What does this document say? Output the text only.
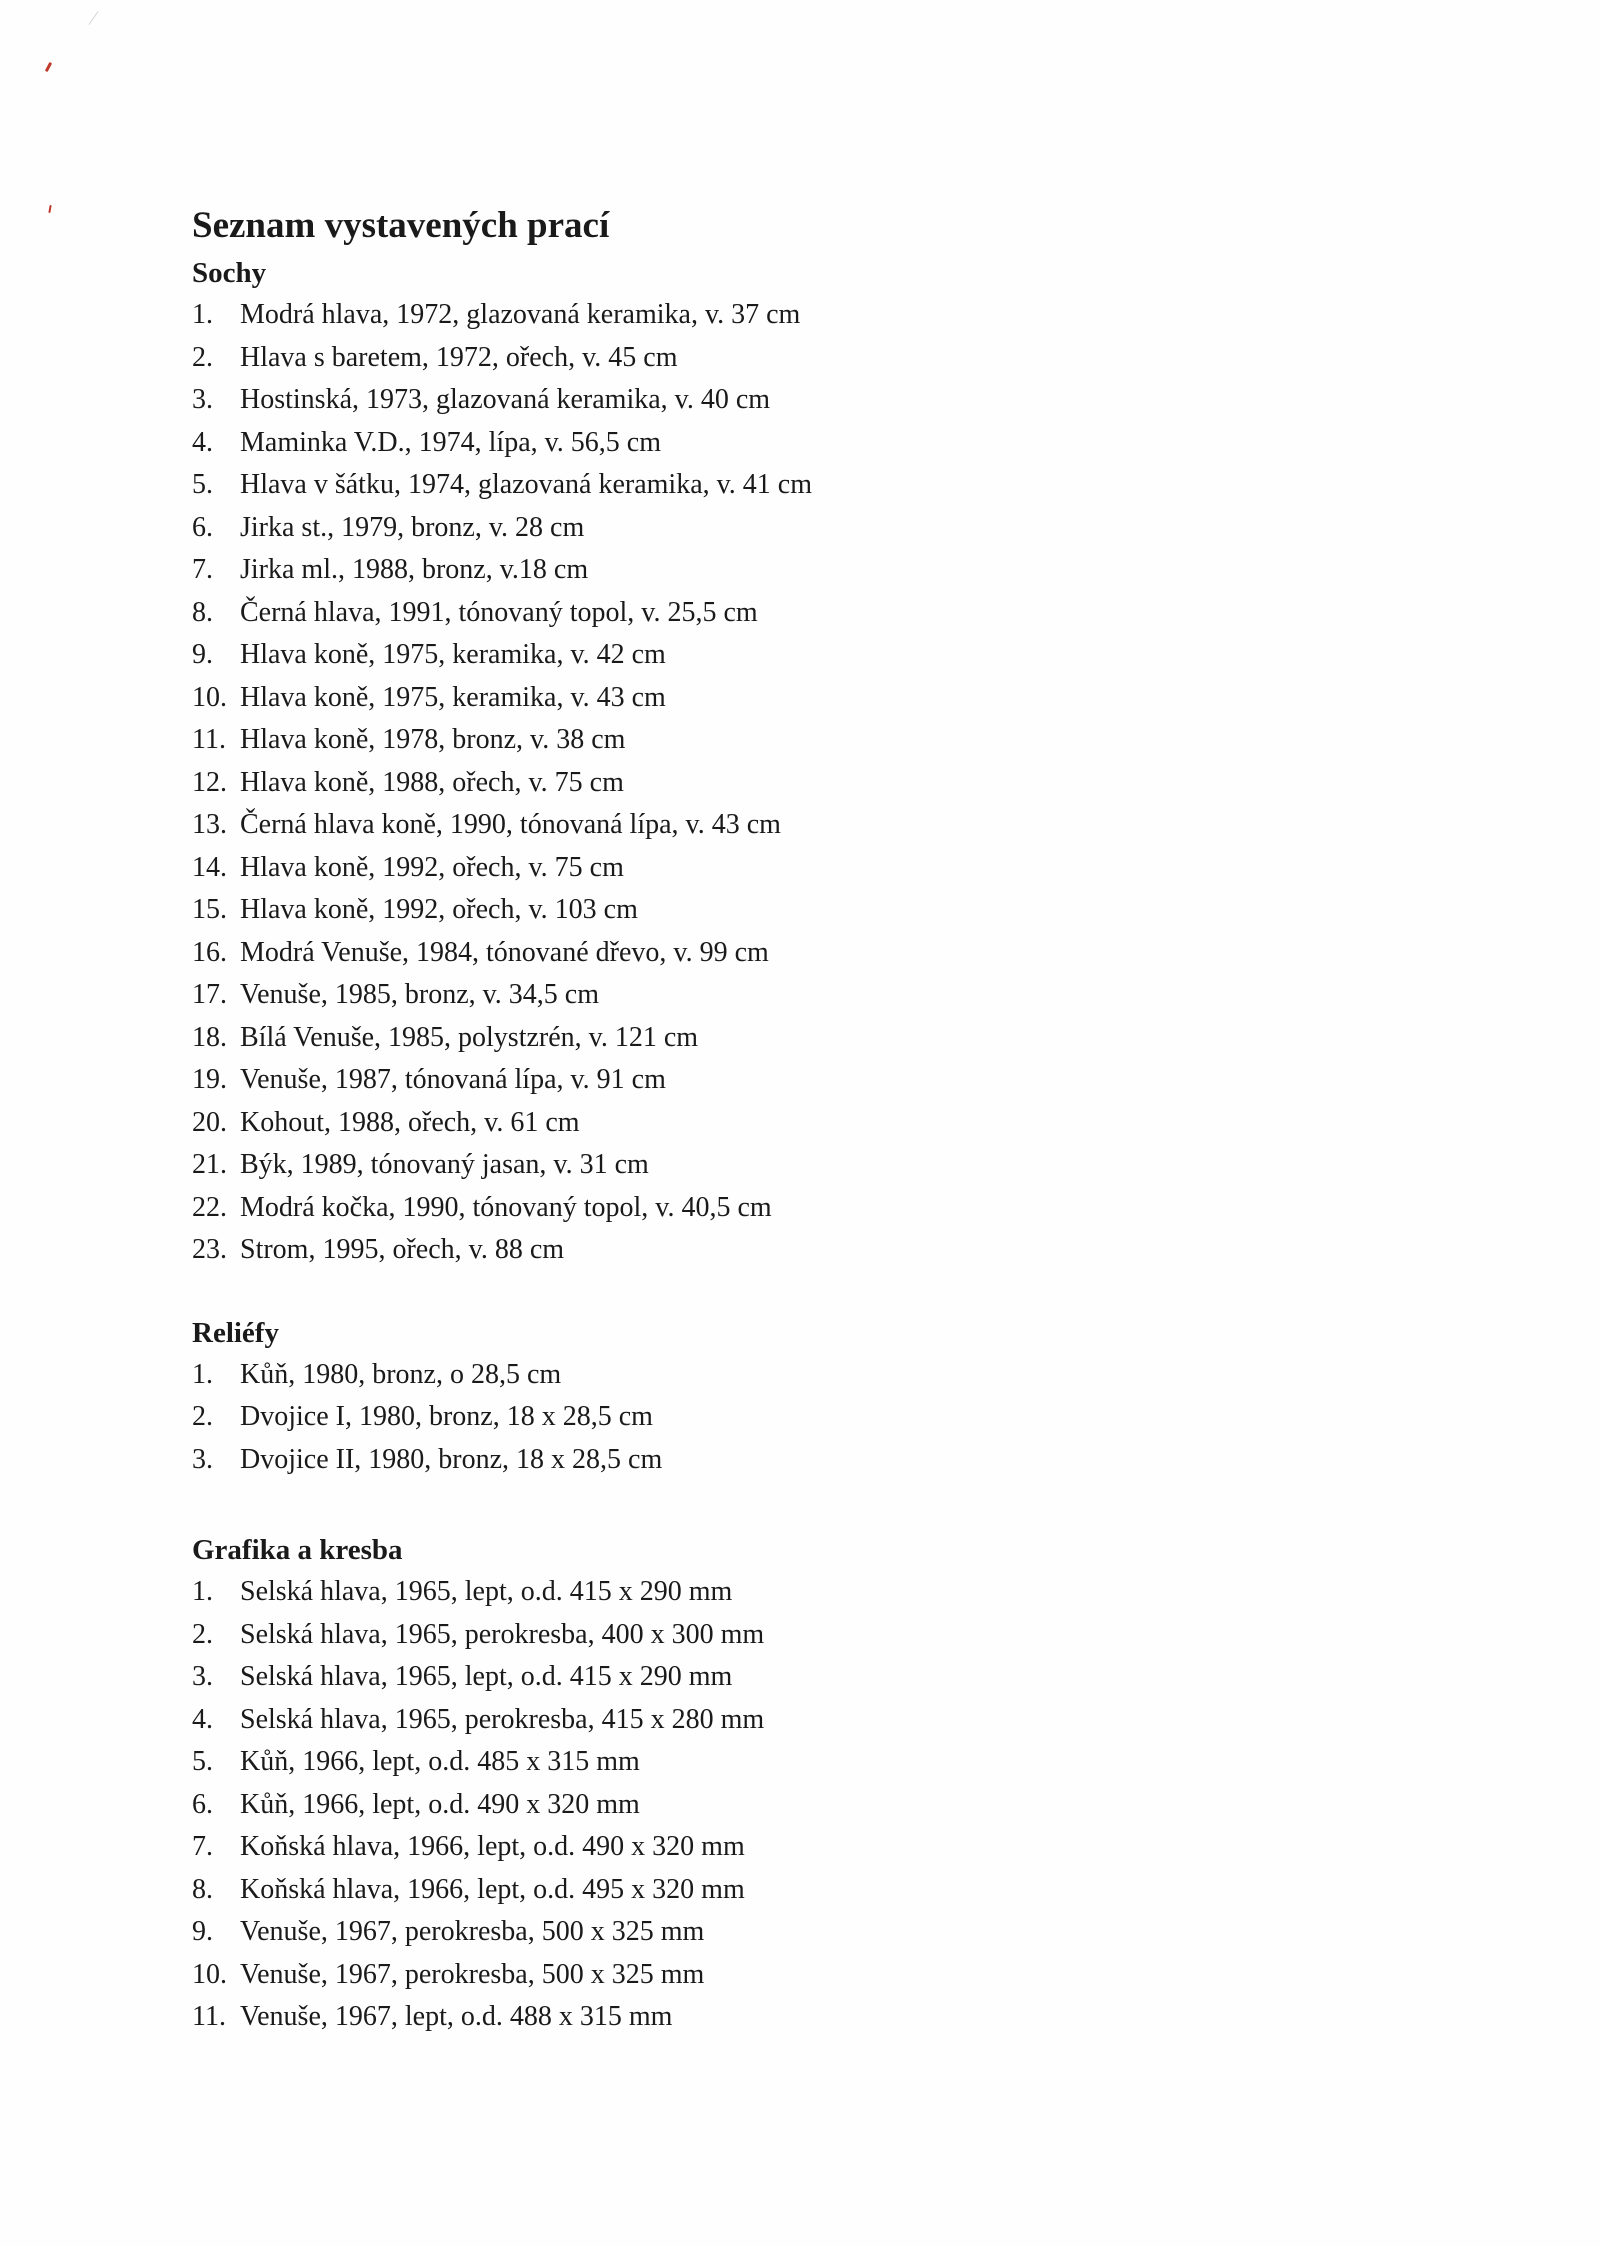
Seznam vystavených prací
Sochy
1. Modrá hlava, 1972, glazovaná keramika, v. 37 cm
2. Hlava s baretem, 1972, ořech, v. 45 cm
3. Hostinská, 1973, glazovaná keramika, v. 40 cm
4. Maminka V.D., 1974, lípa, v. 56,5 cm
5. Hlava v šátku, 1974, glazovaná keramika, v. 41 cm
6. Jirka st., 1979, bronz, v. 28 cm
7. Jirka ml., 1988, bronz, v.18 cm
8. Černá hlava, 1991, tónovaný topol, v. 25,5 cm
9. Hlava koně, 1975, keramika, v. 42 cm
10. Hlava koně, 1975, keramika, v. 43 cm
11. Hlava koně, 1978, bronz, v. 38 cm
12. Hlava koně, 1988, ořech, v. 75 cm
13. Černá hlava koně, 1990, tónovaná lípa, v. 43 cm
14. Hlava koně, 1992, ořech, v. 75 cm
15. Hlava koně, 1992, ořech, v. 103 cm
16. Modrá Venuše, 1984, tónované dřevo, v. 99 cm
17. Venuše, 1985, bronz, v. 34,5 cm
18. Bílá Venuše, 1985, polystzrén, v. 121 cm
19. Venuše, 1987, tónovaná lípa, v. 91 cm
20. Kohout, 1988, ořech, v. 61 cm
21. Býk, 1989, tónovaný jasan, v. 31 cm
22. Modrá kočka, 1990, tónovaný topol, v. 40,5 cm
23. Strom, 1995, ořech, v. 88 cm
Reliéfy
1. Kůň, 1980, bronz, o 28,5 cm
2. Dvojice I, 1980, bronz, 18 x 28,5 cm
3. Dvojice II, 1980, bronz, 18 x 28,5 cm
Grafika a kresba
1. Selská hlava, 1965, lept, o.d. 415 x 290 mm
2. Selská hlava, 1965, perokresba, 400 x 300 mm
3. Selská hlava, 1965, lept, o.d. 415 x 290 mm
4. Selská hlava, 1965, perokresba, 415 x 280 mm
5. Kůň, 1966, lept, o.d. 485 x 315 mm
6. Kůň, 1966, lept, o.d. 490 x 320 mm
7. Koňská hlava, 1966, lept, o.d. 490 x 320 mm
8. Koňská hlava, 1966, lept, o.d. 495 x 320 mm
9. Venuše, 1967, perokresba, 500 x 325 mm
10. Venuše, 1967, perokresba, 500 x 325 mm
11. Venuše, 1967, lept, o.d. 488 x 315 mm
